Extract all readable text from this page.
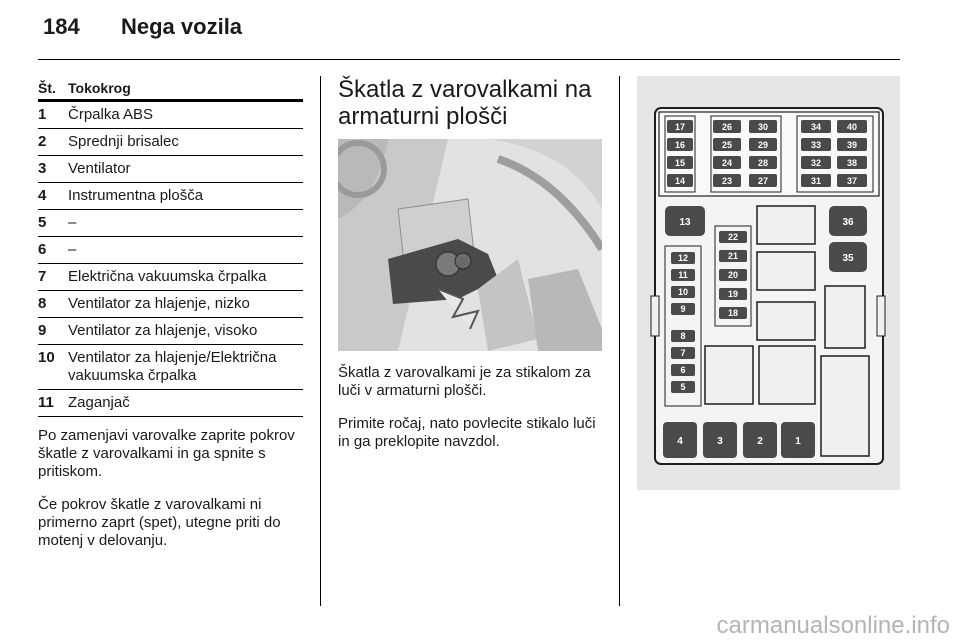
184	Nega vozila
Št. Tokokrog
1	Črpalka ABS
2	Sprednji brisalec
3	Ventilator
4	Instrumentna plošča
5	–
6	–
7	Električna vakuumska črpalka
8	Ventilator za hlajenje, nizko
9	Ventilator za hlajenje, visoko
10 Ventilator za hlajenje/Električna vakuumska črpalka
11 Zaganjač

Po zamenjavi varovalke zaprite pokrov škatle z varovalkami in ga spnite s pritiskom.

Če pokrov škatle z varovalkami ni primerno zaprt (spet), utegne priti do motenj v delovanju.

Škatla z varovalkami na armaturni plošči

Škatla z varovalkami je za stikalom za luči v armaturni plošči.

Primite ročaj, nato povlecite stikalo luči in ga preklopite navzdol.

17
16
15
14
26	30
25	29
24	28
23	27
34	40
33	39
32	38
31	37
13	36
35
12
11
10
9
8
7
6
5
22
21
20
19
18
4	3	2	1
carmanualsonline.info
